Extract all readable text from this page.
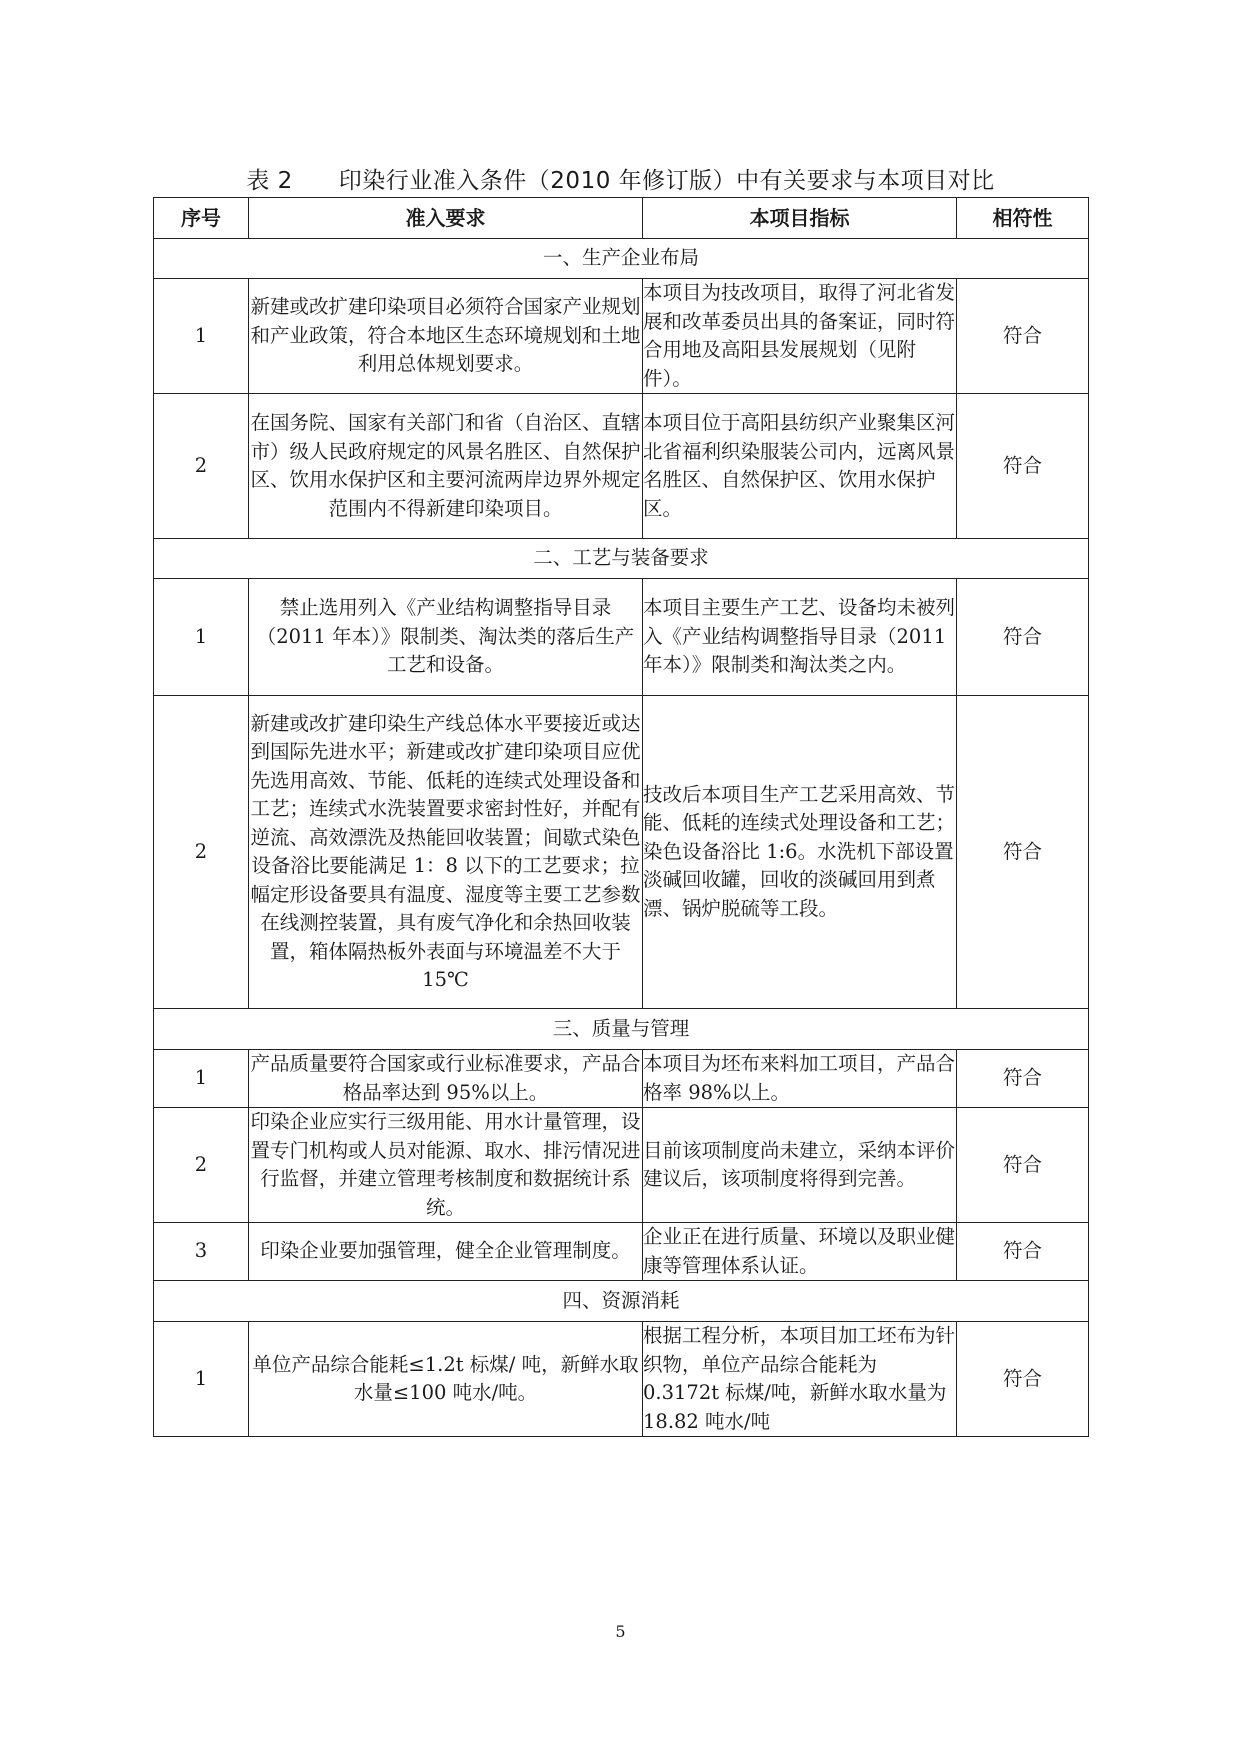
表 2 印染行业准入条件（2010 年修订版）中有关要求与本项目对比
序号	准入要求	本项目指标	相符性
一、生产企业布局			
1	新建或改扩建印染项目必须符合国家产业规划和产业政策，符合本地区生态环境规划和土地利用总体规划要求。	本项目为技改项目，取得了河北省发展和改革委员出具的备案证，同时符合用地及高阳县发展规划（见附件）。	符合
2	在国务院、国家有关部门和省（自治区、直辖市）级人民政府规定的风景名胜区、自然保护区、饮用水保护区和主要河流两岸边界外规定范围内不得新建印染项目。	本项目位于高阳县纺织产业聚集区河北省福利织染服装公司内，远离风景名胜区、自然保护区、饮用水保护区。	符合
二、工艺与装备要求			
1	禁止选用列入《产业结构调整指导目录（2011 年本）》限制类、淘汰类的落后生产工艺和设备。	本项目主要生产工艺、设备均未被列入《产业结构调整指导目录（2011 年本）》限制类和淘汰类之内。	符合
2	新建或改扩建印染生产线总体水平要接近或达到国际先进水平；新建或改扩建印染项目应优先选用高效、节能、低耗的连续式处理设备和工艺；连续式水洗装置要求密封性好，并配有逆流、高效漂洗及热能回收装置；间歇式染色设备浴比要能满足 1：8 以下的工艺要求；拉幅定形设备要具有温度、湿度等主要工艺参数在线测控装置，具有废气净化和余热回收装置，箱体隔热板外表面与环境温差不大于 15℃	技改后本项目生产工艺采用高效、节能、低耗的连续式处理设备和工艺；染色设备浴比 1:6。水洗机下部设置淡碱回收罐，回收的淡碱回用到煮漂、锅炉脱硫等工段。	符合
三、质量与管理			
1	产品质量要符合国家或行业标准要求，产品合格品率达到 95%以上。	本项目为坯布来料加工项目，产品合格率 98%以上。	符合
2	印染企业应实行三级用能、用水计量管理，设置专门机构或人员对能源、取水、排污情况进行监督，并建立管理考核制度和数据统计系统。	目前该项制度尚未建立，采纳本评价建议后，该项制度将得到完善。	符合
3	印染企业要加强管理，健全企业管理制度。	企业正在进行质量、环境以及职业健康等管理体系认证。	符合
四、资源消耗			
1	单位产品综合能耗≤1.2t 标煤/ 吨，新鲜水取水量≤100 吨水/吨。	根据工程分析，本项目加工坯布为针织物，单位产品综合能耗为 0.3172t 标煤/吨，新鲜水取水量为 18.82 吨水/吨	符合
5
